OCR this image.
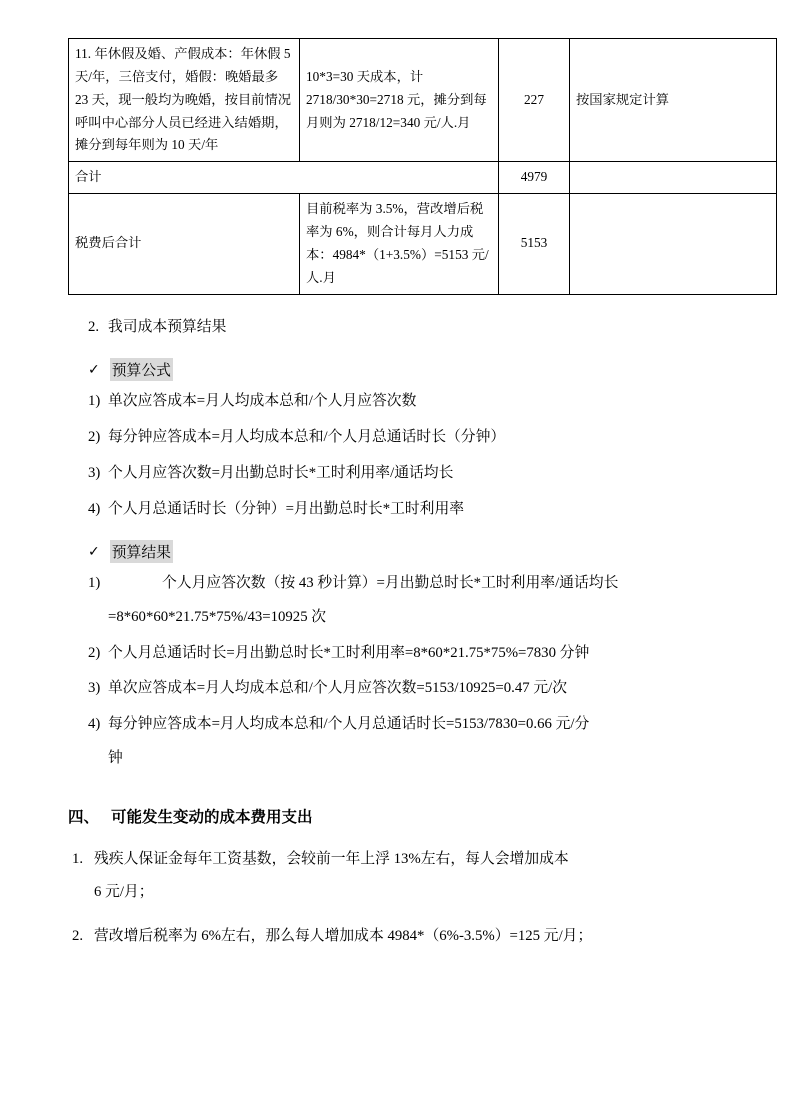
11. 年休假及婚、产假成本：年休假 5 天/年，三倍支付，婚假：晚婚最多 23 天，现一般均为晚婚，按目前情况呼叫中心部分人员已经进入结婚期，摊分到每年则为 10 天/年	10*3=30 天成本，计 2718/30*30=2718 元，摊分到每月则为 2718/12=340 元/人.月	227	按国家规定计算

合计		4979	

税费后合计	目前税率为 3.5%，营改增后税率为 6%，则合计每月人力成本：4984*（1+3.5%）=5153 元/人.月	5153	

2. 我司成本预算结果
✓ 预算公式
1) 单次应答成本=月人均成本总和/个人月应答次数
2) 每分钟应答成本=月人均成本总和/个人月总通话时长（分钟）
3) 个人月应答次数=月出勤总时长*工时利用率/通话均长
4) 个人月总通话时长（分钟）=月出勤总时长*工时利用率
✓ 预算结果
1)	个人月应答次数（按 43 秒计算）=月出勤总时长*工时利用率/通话均长
=8*60*60*21.75*75%/43=10925 次
2) 个人月总通话时长=月出勤总时长*工时利用率=8*60*21.75*75%=7830 分钟
3) 单次应答成本=月人均成本总和/个人月应答次数=5153/10925=0.47 元/次
4) 每分钟应答成本=月人均成本总和/个人月总通话时长=5153/7830=0.66 元/分
钟
四、 可能发生变动的成本费用支出
1. 残疾人保证金每年工资基数，会较前一年上浮 13%左右，每人会增加成本
6 元/月；
2. 营改增后税率为 6%左右，那么每人增加成本 4984*（6%-3.5%）=125 元/月；
